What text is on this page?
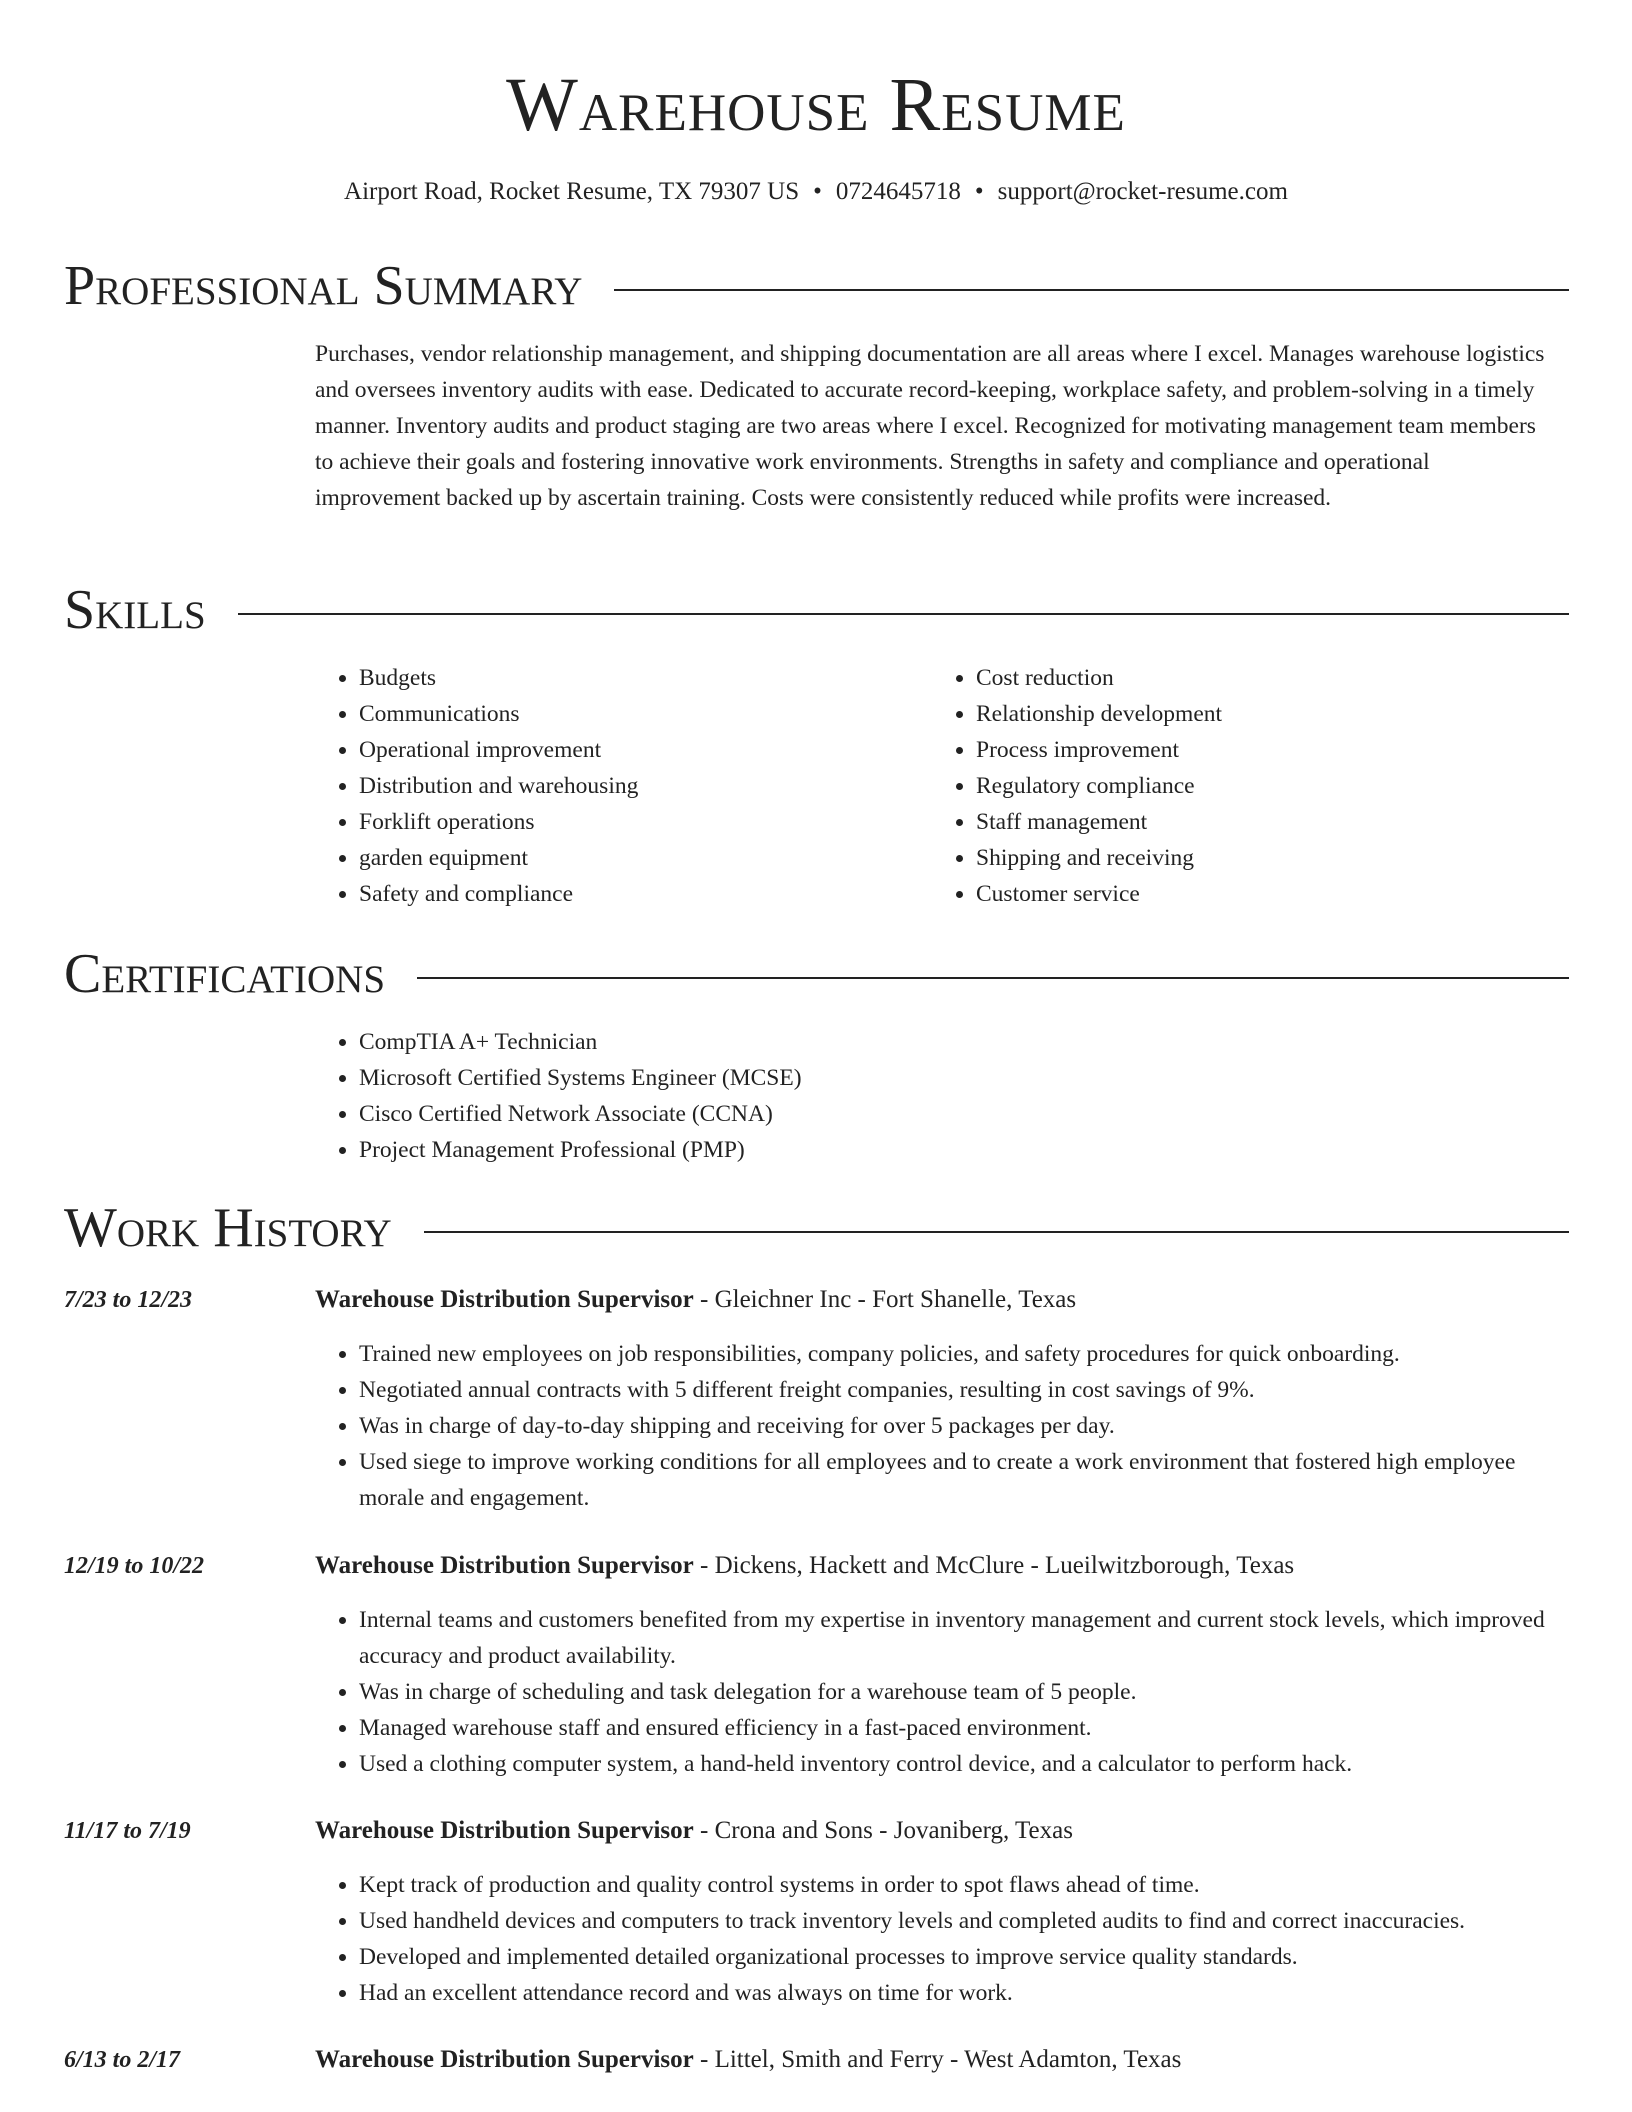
Warehouse Resume
Airport Road, Rocket Resume, TX 79307 US • 0724645718 • support@rocket-resume.com
Professional Summary

Purchases, vendor relationship management, and shipping documentation are all areas where I excel. Manages warehouse logistics and oversees inventory audits with ease. Dedicated to accurate record-keeping, workplace safety, and problem-solving in a timely manner. Inventory audits and product staging are two areas where I excel. Recognized for motivating management team members to achieve their goals and fostering innovative work environments. Strengths in safety and compliance and operational improvement backed up by ascertain training. Costs were consistently reduced while profits were increased.

Skills
• Budgets
• Communications
• Operational improvement
• Distribution and warehousing
• Forklift operations
• garden equipment
• Safety and compliance
• Cost reduction
• Relationship development
• Process improvement
• Regulatory compliance
• Staff management
• Shipping and receiving
• Customer service
Certifications
• CompTIA A+ Technician
• Microsoft Certified Systems Engineer (MCSE)
• Cisco Certified Network Associate (CCNA)
• Project Management Professional (PMP)
Work History
7/23 to 12/23	Warehouse Distribution Supervisor - Gleichner Inc - Fort Shanelle, Texas
• Trained new employees on job responsibilities, company policies, and safety procedures for quick onboarding.
• Negotiated annual contracts with 5 different freight companies, resulting in cost savings of 9%.
• Was in charge of day-to-day shipping and receiving for over 5 packages per day.
• Used siege to improve working conditions for all employees and to create a work environment that fostered high employee morale and engagement.
12/19 to 10/22	Warehouse Distribution Supervisor - Dickens, Hackett and McClure - Lueilwitzborough, Texas
• Internal teams and customers benefited from my expertise in inventory management and current stock levels, which improved accuracy and product availability.
• Was in charge of scheduling and task delegation for a warehouse team of 5 people.
• Managed warehouse staff and ensured efficiency in a fast-paced environment.
• Used a clothing computer system, a hand-held inventory control device, and a calculator to perform hack.
11/17 to 7/19	Warehouse Distribution Supervisor - Crona and Sons - Jovaniberg, Texas
• Kept track of production and quality control systems in order to spot flaws ahead of time.
• Used handheld devices and computers to track inventory levels and completed audits to find and correct inaccuracies.
• Developed and implemented detailed organizational processes to improve service quality standards.
• Had an excellent attendance record and was always on time for work.
6/13 to 2/17	Warehouse Distribution Supervisor - Littel, Smith and Ferry - West Adamton, Texas
